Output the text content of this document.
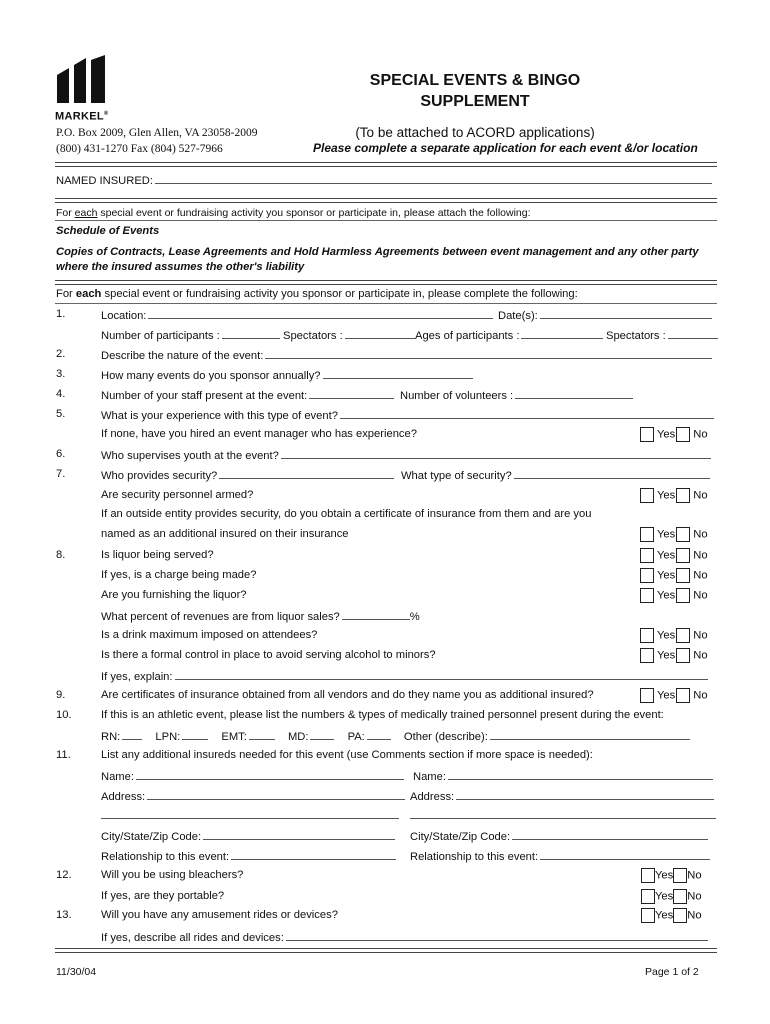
MARKEL®
P.O. Box 2009, Glen Allen, VA 23058-2009
(800) 431-1270 Fax (804) 527-7966
SPECIAL EVENTS & BINGO
SUPPLEMENT
(To be attached to ACORD applications)
Please complete a separate application for each event &/or location
NAMED INSURED:
For each special event or fundraising activity you sponsor or participate in, please attach the following:
Schedule of Events
Copies of Contracts, Lease Agreements and Hold Harmless Agreements between event management and any other party
where the insured assumes the other's liability
For each special event or fundraising activity you sponsor or participate in, please complete the following:
1.	Location:	Date(s):
Number of participants :	Spectators :	Ages of participants :	Spectators :
2.	Describe the nature of the event:
3.	How many events do you sponsor annually?
4.	Number of your staff present at the event:	Number of volunteers :
5.	What is your experience with this type of event?
If none, have you hired an event manager who has experience?	Yes No
6.	Who supervises youth at the event?
7.	Who provides security?	What type of security?
Are security personnel armed?	Yes No
If an outside entity provides security, do you obtain a certificate of insurance from them and are you
named as an additional insured on their insurance	Yes No
8.	Is liquor being served?	Yes No
If yes, is a charge being made?	Yes No
Are you furnishing the liquor?	Yes No
What percent of revenues are from liquor sales?	%
Is a drink maximum imposed on attendees?	Yes No
Is there a formal control in place to avoid serving alcohol to minors?	Yes No
If yes, explain:
9.	Are certificates of insurance obtained from all vendors and do they name you as additional insured?	Yes No
10.	If this is an athletic event, please list the numbers & types of medically trained personnel present during the event:
RN:	LPN:	EMT:	MD:	PA:	Other (describe):
11.	List any additional insureds needed for this event (use Comments section if more space is needed):
Name:	Name:
Address:	Address:
City/State/Zip Code:	City/State/Zip Code:
Relationship to this event:	Relationship to this event:
12.	Will you be using bleachers?	Yes No
If yes, are they portable?	Yes No
13.	Will you have any amusement rides or devices?	Yes No
If yes, describe all rides and devices:
11/30/04	Page 1 of 2
